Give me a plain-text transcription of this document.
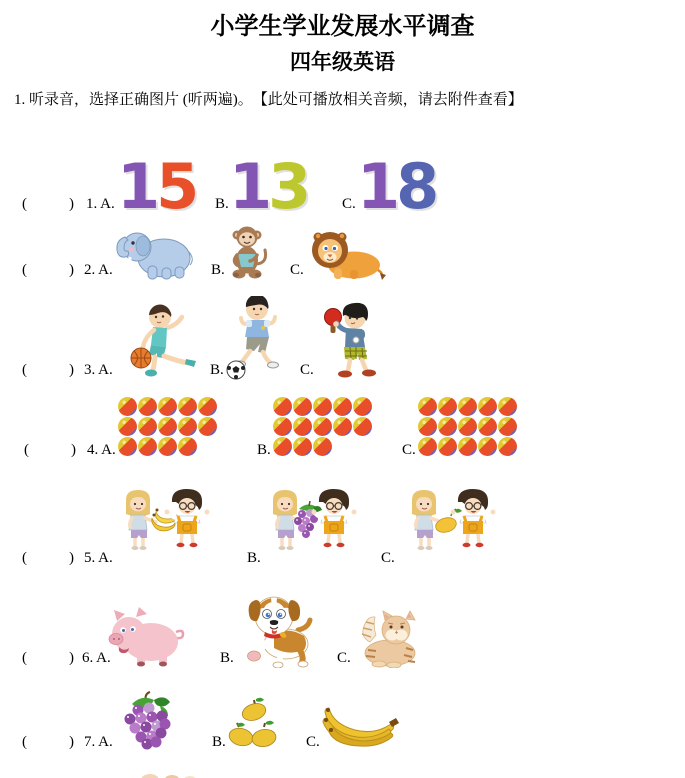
小学生学业发展水平调查
四年级英语

1. 听录音，选择正确图片 (听两遍)。　【此处可播放相关音频，请去附件查看】

(	) 1. A. 15 B. 13 C. 18
(	) 2. A.	B.	C.
(	) 3. A.	B.	C.
(	) 4. A.	B.	C.
(	) 5. A.	B.	C.
(	) 6. A.	B.	C.
(	) 7. A.	B.	C.
